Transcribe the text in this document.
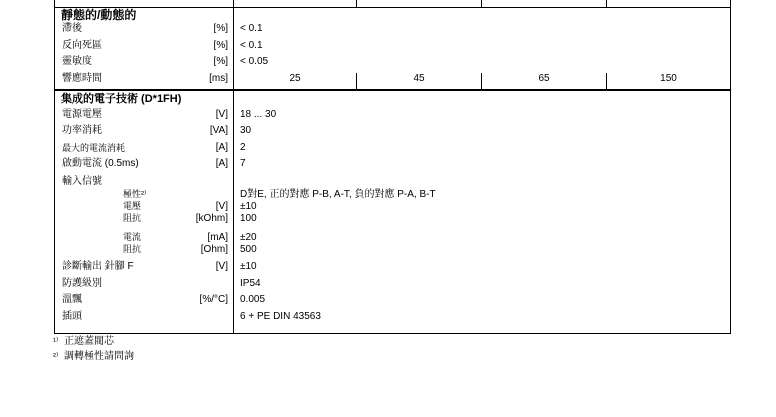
靜態的/動態的
滯後	[%] < 0.1
反向死區	[%] < 0.1
靈敏度	[%] < 0.05
響應時間	[ms]	25	45	65	150
集成的電子技術 (D*1FH)
電源電壓	[V] 18 ... 30
功率消耗	[VA] 30
最大的電流消耗	[A] 2
啟動電流 (0.5ms)	[A] 7
輸入信號
極性²⁾	D對E, 正的對應 P-B, A-T, 負的對應 P-A, B-T
電壓	[V] ±10
阻抗	[kOhm] 100
電流	[mA] ±20
阻抗	[Ohm] 500
診斷輸出 針腳 F	[V] ±10
防護級別	IP54
溫飄	[%/°C] 0.005
插頭	6 + PE DIN 43563
¹⁾ 正遮蓋閥芯
²⁾ 調轉極性請問詢
